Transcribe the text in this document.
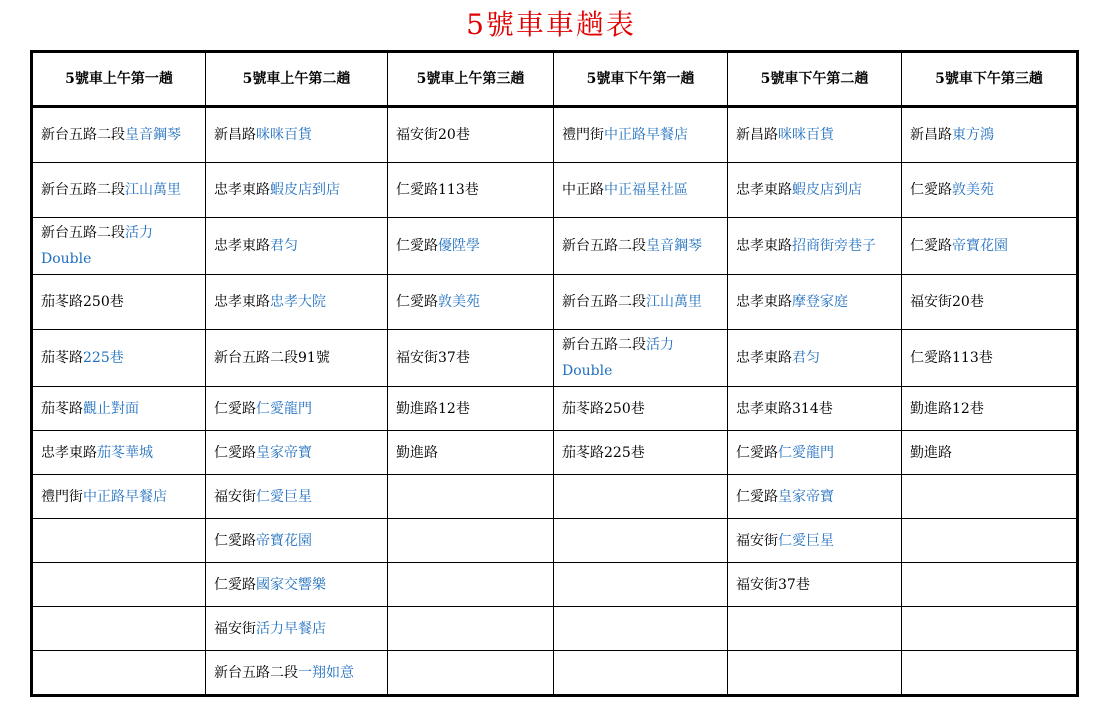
5號車車趟表
5號車上午第一趟	5號車上午第二趟	5號車上午第三趟	5號車下午第一趟	5號車下午第二趟	5號車下午第三趟
新台五路二段皇音鋼琴	新昌路咪咪百貨	福安街20巷	禮門街中正路早餐店	新昌路咪咪百貨	新昌路東方鴻
新台五路二段江山萬里	忠孝東路蝦皮店到店	仁愛路113巷	中正路中正福星社區	忠孝東路蝦皮店到店	仁愛路敦美苑
新台五路二段活力Double	忠孝東路君匀	仁愛路優陞學	新台五路二段皇音鋼琴	忠孝東路招商街旁巷子	仁愛路帝寶花園
茄苳路250巷	忠孝東路忠孝大院	仁愛路敦美苑	新台五路二段江山萬里	忠孝東路摩登家庭	福安街20巷
茄苳路225巷	新台五路二段91號	福安街37巷	新台五路二段活力Double	忠孝東路君匀	仁愛路113巷
茄苳路觀止對面	仁愛路仁愛龍門	勤進路12巷	茄苳路250巷	忠孝東路314巷	勤進路12巷
忠孝東路茄苳華城	仁愛路皇家帝寶	勤進路	茄苳路225巷	仁愛路仁愛龍門	勤進路
禮門街中正路早餐店	福安街仁愛巨星			仁愛路皇家帝寶	
	仁愛路帝寶花園			福安街仁愛巨星	
	仁愛路國家交響樂			福安街37巷	
	福安街活力早餐店				
	新台五路二段一翔如意				
